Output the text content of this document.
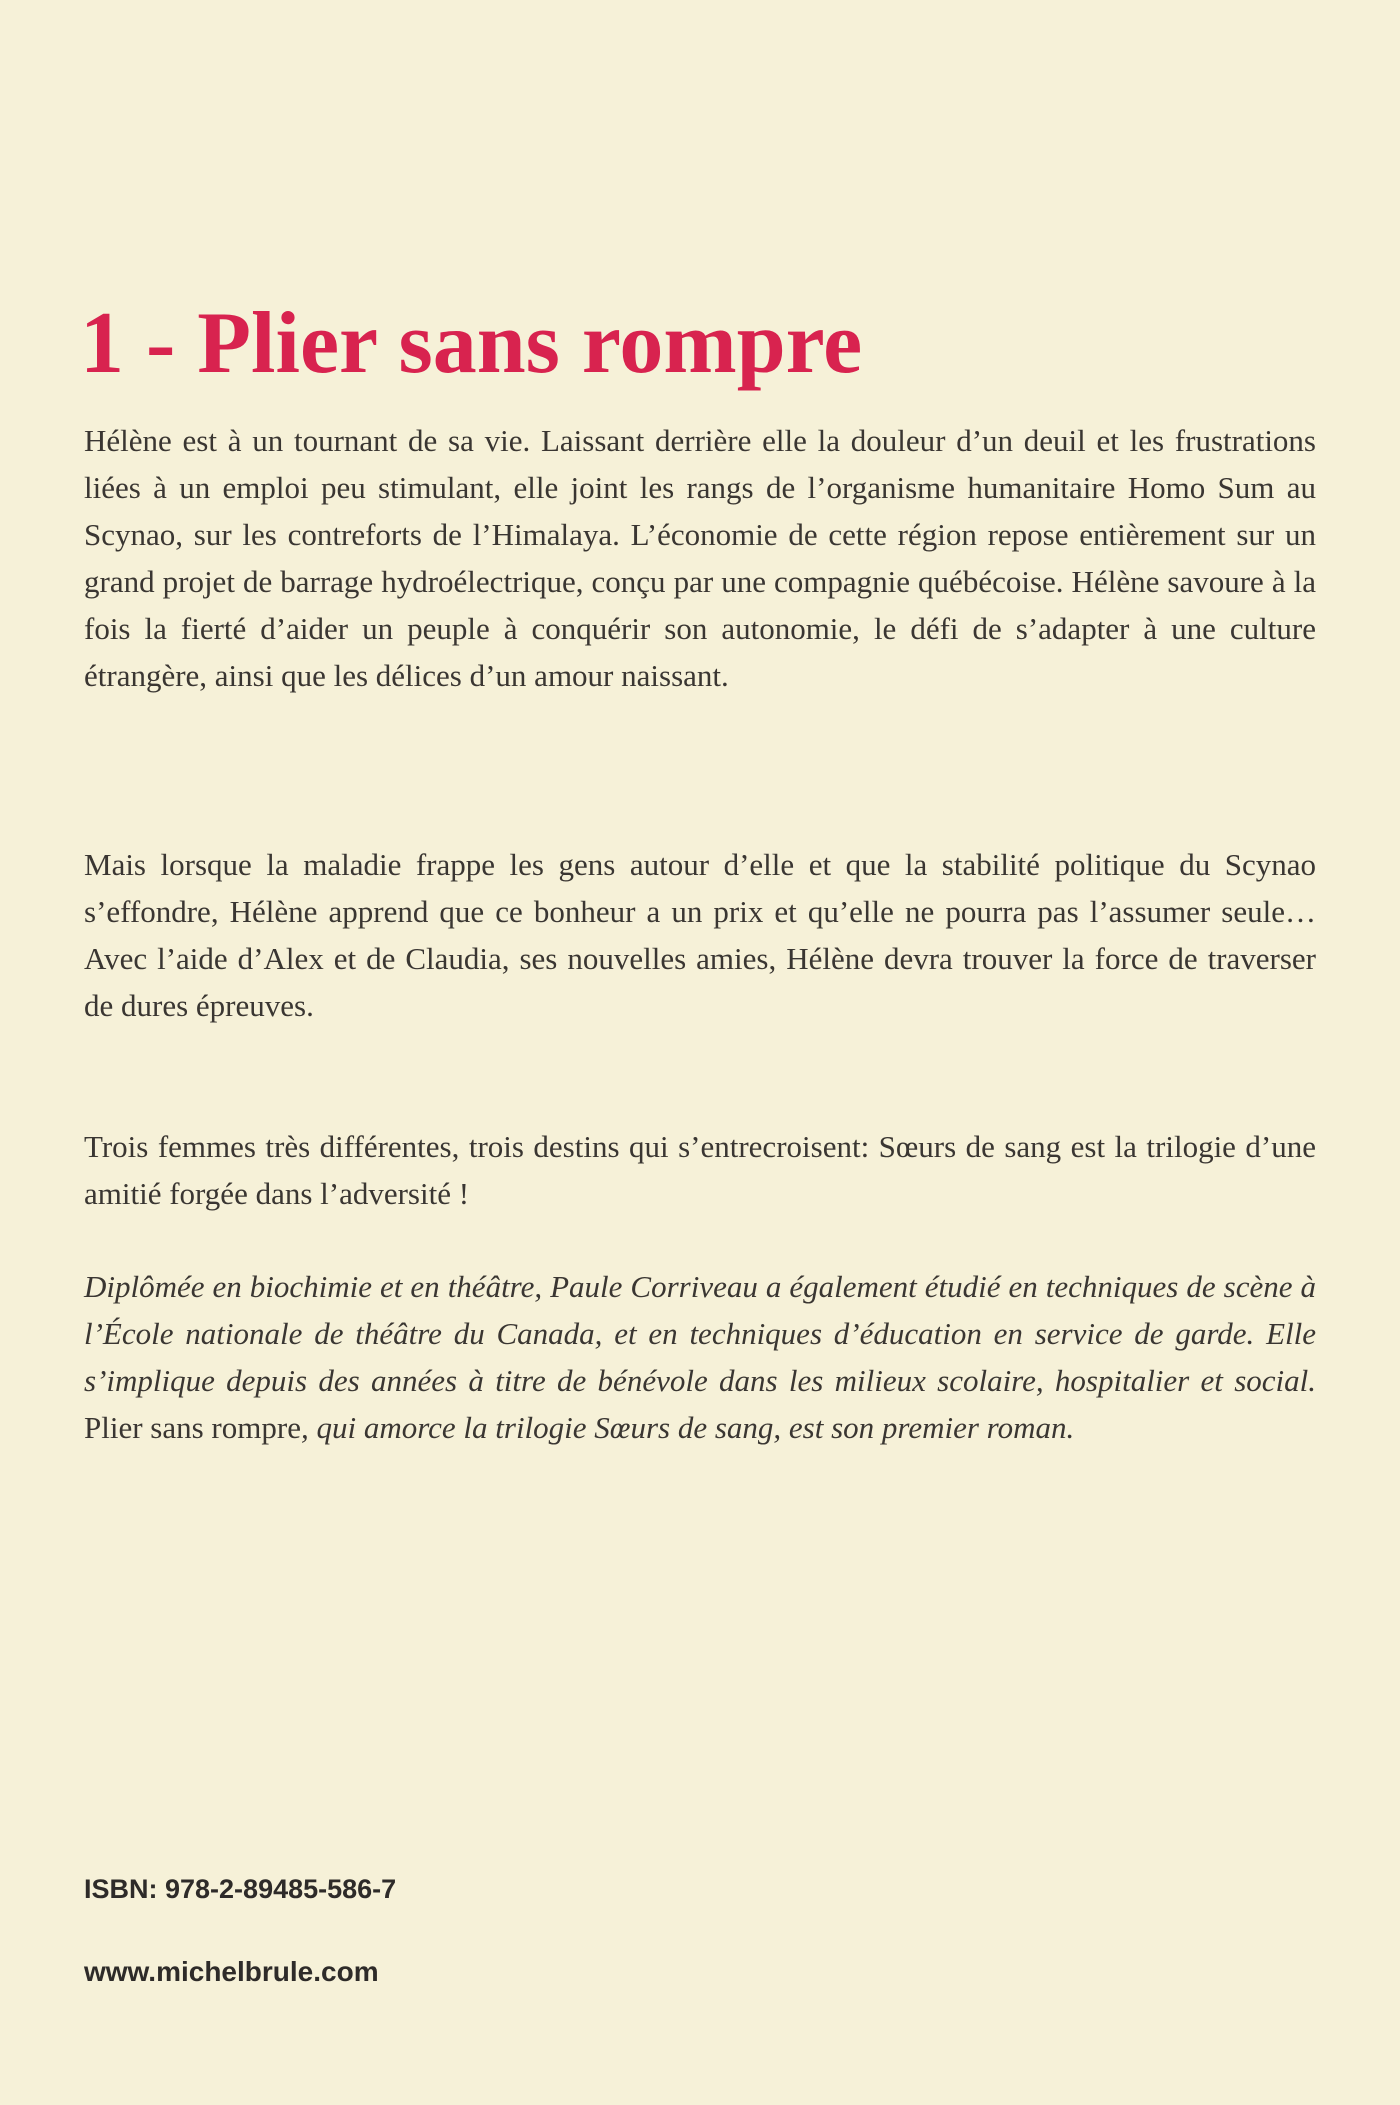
1 - Plier sans rompre

Hélène est à un tournant de sa vie. Laissant derrière elle la douleur d’un deuil et les frustrations liées à un emploi peu stimulant, elle joint les rangs de l’organisme humanitaire Homo Sum au Scynao, sur les contreforts de l’Himalaya. L’économie de cette région repose entièrement sur un grand projet de barrage hydroélectrique, conçu par une compagnie québécoise. Hélène savoure à la fois la fierté d’aider un peuple à conquérir son autonomie, le défi de s’adapter à une culture étrangère, ainsi que les délices d’un amour naissant.

Mais lorsque la maladie frappe les gens autour d’elle et que la stabilité politique du Scynao s’effondre, Hélène apprend que ce bonheur a un prix et qu’elle ne pourra pas l’assumer seule… Avec l’aide d’Alex et de Claudia, ses nouvelles amies, Hélène devra trouver la force de traverser de dures épreuves.

Trois femmes très différentes, trois destins qui s’entrecroisent: Sœurs de sang est la trilogie d’une amitié forgée dans l’adversité !

Diplômée en biochimie et en théâtre, Paule Corriveau a également étudié en techniques de scène à l’École nationale de théâtre du Canada, et en techniques d’éducation en service de garde. Elle s’implique depuis des années à titre de bénévole dans les milieux scolaire, hospitalier et social. Plier sans rompre, qui amorce la trilogie Sœurs de sang, est son premier roman.

ISBN: 978-2-89485-586-7

www.michelbrule.com
